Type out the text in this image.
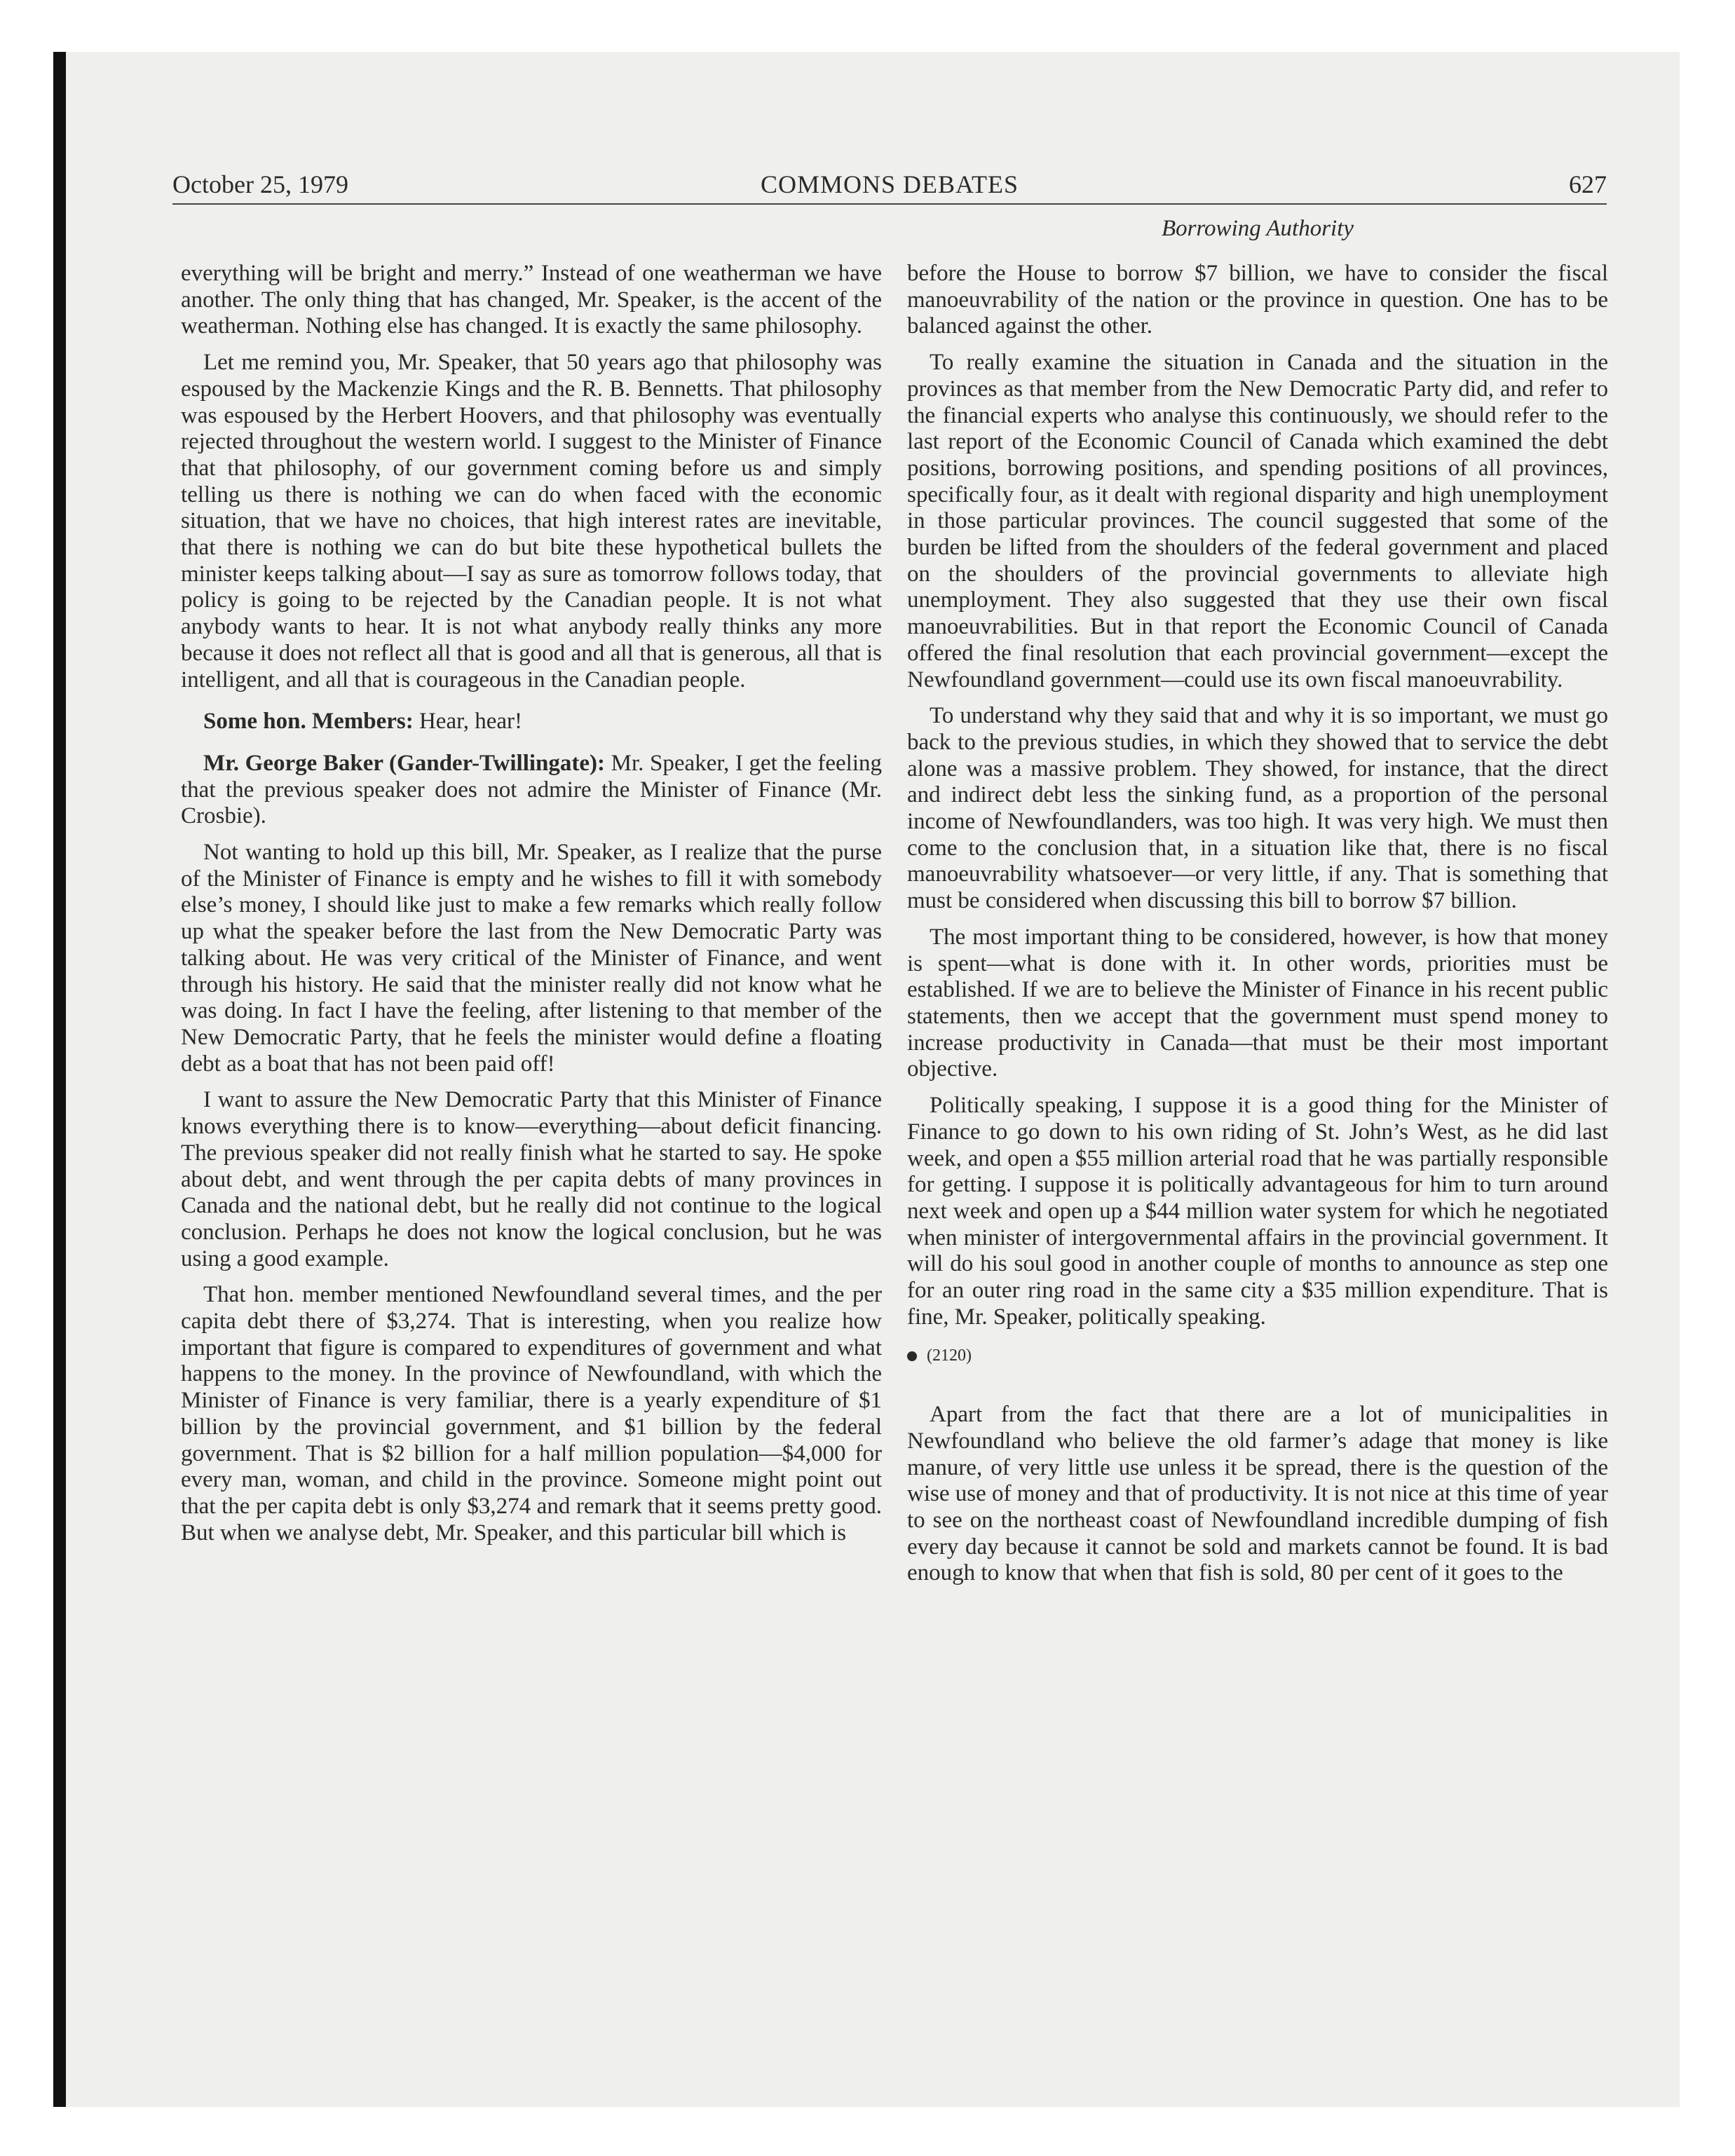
October 25, 1979	COMMONS DEBATES	627
Borrowing Authority

everything will be bright and merry.” Instead of one weatherman we have another. The only thing that has changed, Mr. Speaker, is the accent of the weatherman. Nothing else has changed. It is exactly the same philosophy.

Let me remind you, Mr. Speaker, that 50 years ago that philosophy was espoused by the Mackenzie Kings and the R. B. Bennetts. That philosophy was espoused by the Herbert Hoovers, and that philosophy was eventually rejected throughout the western world. I suggest to the Minister of Finance that that philosophy, of our government coming before us and simply telling us there is nothing we can do when faced with the economic situation, that we have no choices, that high interest rates are inevitable, that there is nothing we can do but bite these hypothetical bullets the minister keeps talking about—I say as sure as tomorrow follows today, that policy is going to be rejected by the Canadian people. It is not what anybody wants to hear. It is not what anybody really thinks any more because it does not reflect all that is good and all that is generous, all that is intelligent, and all that is courageous in the Canadian people.

Some hon. Members: Hear, hear!

Mr. George Baker (Gander-Twillingate): Mr. Speaker, I get the feeling that the previous speaker does not admire the Minister of Finance (Mr. Crosbie).

Not wanting to hold up this bill, Mr. Speaker, as I realize that the purse of the Minister of Finance is empty and he wishes to fill it with somebody else’s money, I should like just to make a few remarks which really follow up what the speaker before the last from the New Democratic Party was talking about. He was very critical of the Minister of Finance, and went through his history. He said that the minister really did not know what he was doing. In fact I have the feeling, after listening to that member of the New Democratic Party, that he feels the minister would define a floating debt as a boat that has not been paid off!

I want to assure the New Democratic Party that this Minister of Finance knows everything there is to know—everything—about deficit financing. The previous speaker did not really finish what he started to say. He spoke about debt, and went through the per capita debts of many provinces in Canada and the national debt, but he really did not continue to the logical conclusion. Perhaps he does not know the logical conclusion, but he was using a good example.

That hon. member mentioned Newfoundland several times, and the per capita debt there of $3,274. That is interesting, when you realize how important that figure is compared to expenditures of government and what happens to the money. In the province of Newfoundland, with which the Minister of Finance is very familiar, there is a yearly expenditure of $1 billion by the provincial government, and $1 billion by the federal government. That is $2 billion for a half million population—$4,000 for every man, woman, and child in the province. Someone might point out that the per capita debt is only $3,274 and remark that it seems pretty good. But when we analyse debt, Mr. Speaker, and this particular bill which is

before the House to borrow $7 billion, we have to consider the fiscal manoeuvrability of the nation or the province in question. One has to be balanced against the other.

To really examine the situation in Canada and the situation in the provinces as that member from the New Democratic Party did, and refer to the financial experts who analyse this continuously, we should refer to the last report of the Economic Council of Canada which examined the debt positions, borrowing positions, and spending positions of all provinces, specifically four, as it dealt with regional disparity and high unemployment in those particular provinces. The council suggested that some of the burden be lifted from the shoulders of the federal government and placed on the shoulders of the provincial governments to alleviate high unemployment. They also suggested that they use their own fiscal manoeuvrabilities. But in that report the Economic Council of Canada offered the final resolution that each provincial government—except the Newfoundland government—could use its own fiscal manoeuvrability.

To understand why they said that and why it is so important, we must go back to the previous studies, in which they showed that to service the debt alone was a massive problem. They showed, for instance, that the direct and indirect debt less the sinking fund, as a proportion of the personal income of Newfoundlanders, was too high. It was very high. We must then come to the conclusion that, in a situation like that, there is no fiscal manoeuvrability whatsoever—or very little, if any. That is something that must be considered when discussing this bill to borrow $7 billion.

The most important thing to be considered, however, is how that money is spent—what is done with it. In other words, priorities must be established. If we are to believe the Minister of Finance in his recent public statements, then we accept that the government must spend money to increase productivity in Canada—that must be their most important objective.

Politically speaking, I suppose it is a good thing for the Minister of Finance to go down to his own riding of St. John’s West, as he did last week, and open a $55 million arterial road that he was partially responsible for getting. I suppose it is politically advantageous for him to turn around next week and open up a $44 million water system for which he negotiated when minister of intergovernmental affairs in the provincial government. It will do his soul good in another couple of months to announce as step one for an outer ring road in the same city a $35 million expenditure. That is fine, Mr. Speaker, politically speaking.

(2120)

Apart from the fact that there are a lot of municipalities in Newfoundland who believe the old farmer’s adage that money is like manure, of very little use unless it be spread, there is the question of the wise use of money and that of productivity. It is not nice at this time of year to see on the northeast coast of Newfoundland incredible dumping of fish every day because it cannot be sold and markets cannot be found. It is bad enough to know that when that fish is sold, 80 per cent of it goes to the
